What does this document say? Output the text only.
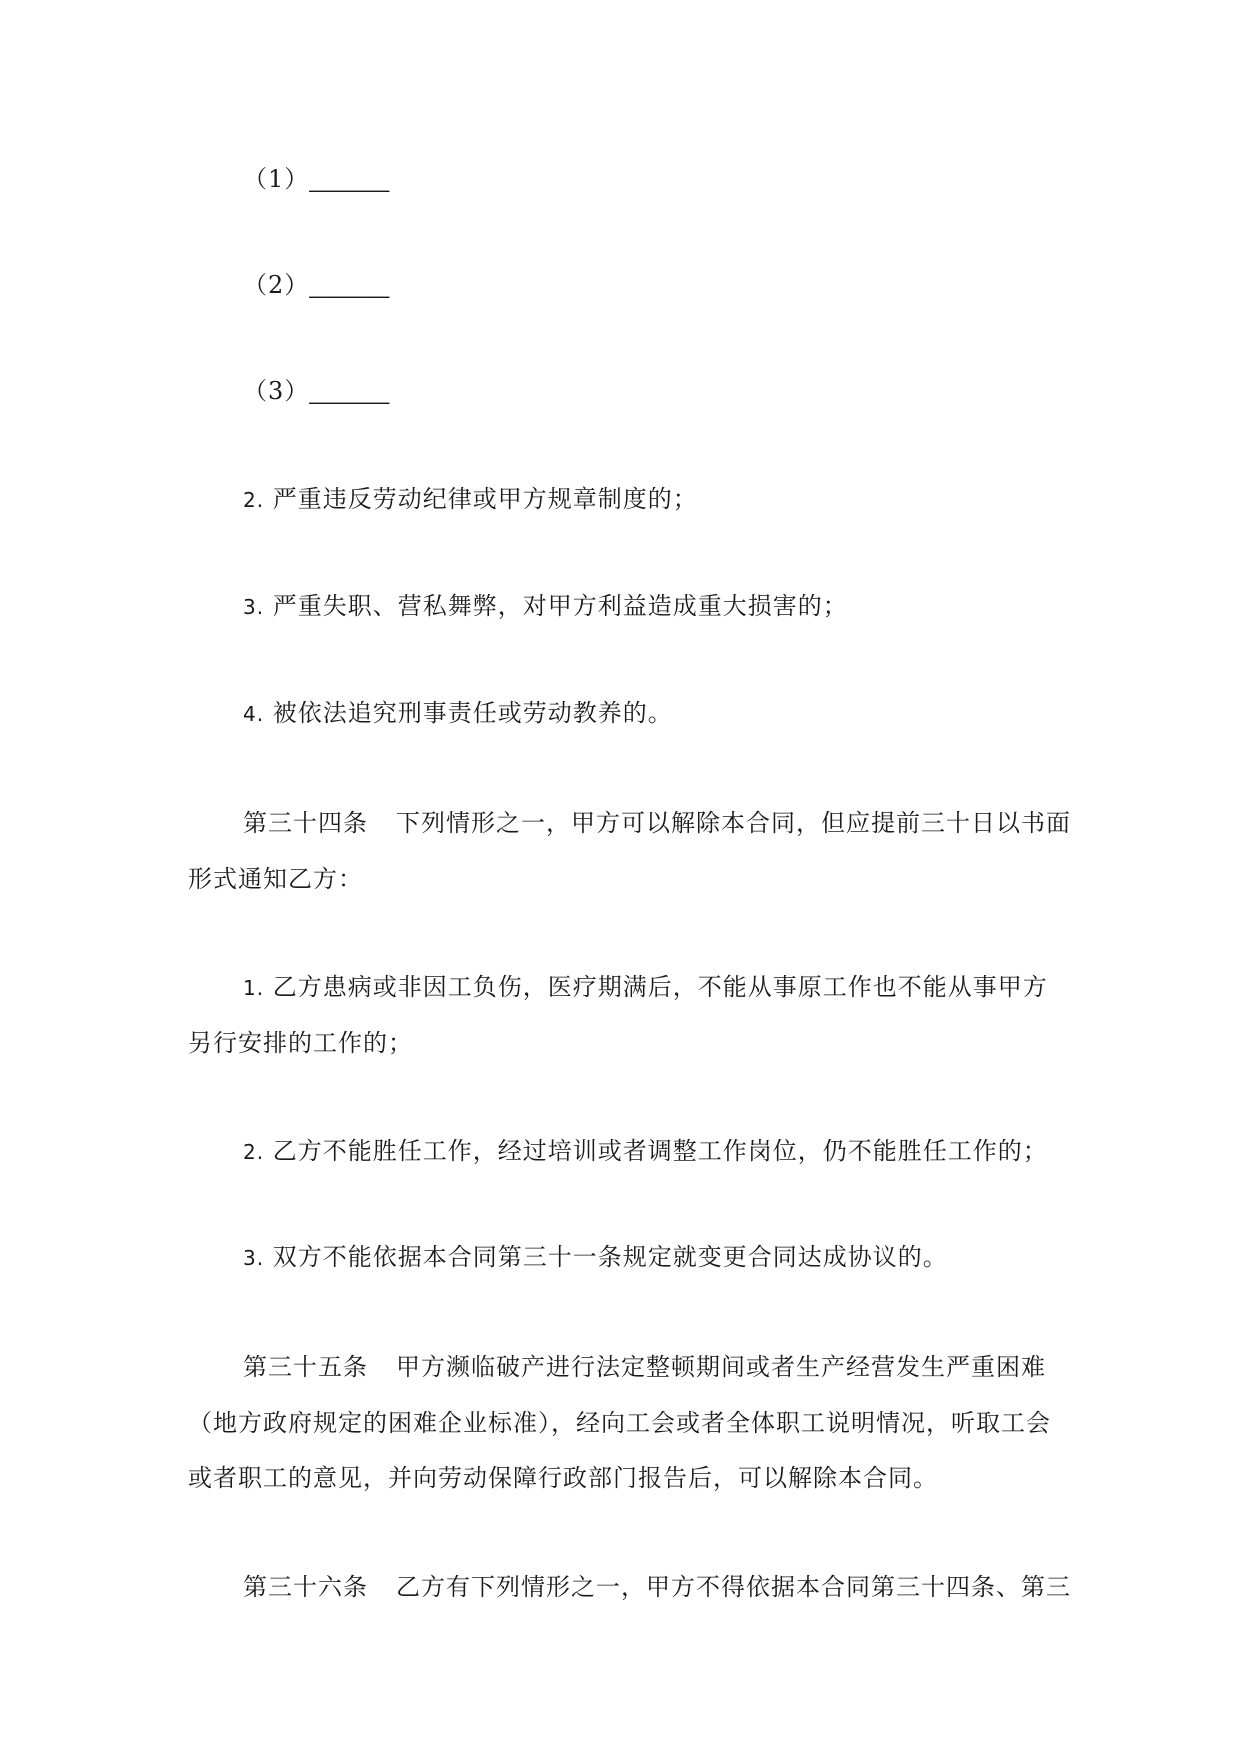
（1）________
（2）________
（3）________
2. 严重违反劳动纪律或甲方规章制度的；
3. 严重失职、营私舞弊，对甲方利益造成重大损害的；
4. 被依法追究刑事责任或劳动教养的。
第三十四条 下列情形之一，甲方可以解除本合同，但应提前三十日以书面
形式通知乙方：
1. 乙方患病或非因工负伤，医疗期满后，不能从事原工作也不能从事甲方
另行安排的工作的；
2. 乙方不能胜任工作，经过培训或者调整工作岗位，仍不能胜任工作的；
3. 双方不能依据本合同第三十一条规定就变更合同达成协议的。
第三十五条 甲方濒临破产进行法定整顿期间或者生产经营发生严重困难
（地方政府规定的困难企业标准），经向工会或者全体职工说明情况，听取工会
或者职工的意见，并向劳动保障行政部门报告后，可以解除本合同。
第三十六条 乙方有下列情形之一，甲方不得依据本合同第三十四条、第三
